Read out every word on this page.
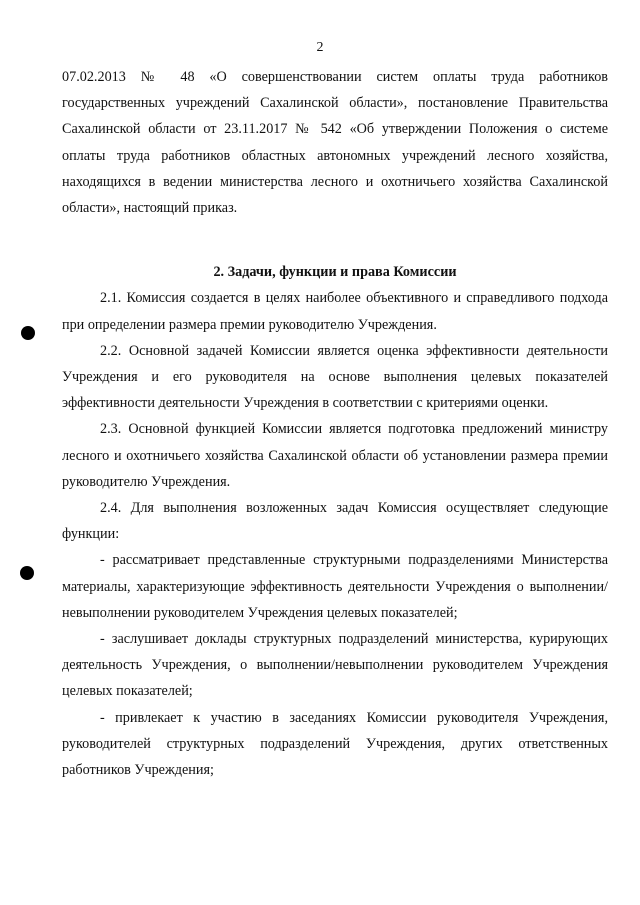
2

07.02.2013 № 48 «О совершенствовании систем оплаты труда работников государственных учреждений Сахалинской области», постановление Правительства Сахалинской области от 23.11.2017 № 542 «Об утверждении Положения о системе оплаты труда работников областных автономных учреждений лесного хозяйства, находящихся в ведении министерства лесного и охотничьего хозяйства Сахалинской области», настоящий приказ.

2. Задачи, функции и права Комиссии

2.1. Комиссия создается в целях наиболее объективного и справедливого подхода при определении размера премии руководителю Учреждения.

2.2. Основной задачей Комиссии является оценка эффективности деятельности Учреждения и его руководителя на основе выполнения целевых показателей эффективности деятельности Учреждения в соответствии с критериями оценки.

2.3. Основной функцией Комиссии является подготовка предложений министру лесного и охотничьего хозяйства Сахалинской области об установлении размера премии руководителю Учреждения.

2.4. Для выполнения возложенных задач Комиссия осуществляет следующие функции:

- рассматривает представленные структурными подразделениями Министерства материалы, характеризующие эффективность деятельности Учреждения о выполнении/невыполнении руководителем Учреждения целевых показателей;

- заслушивает доклады структурных подразделений министерства, курирующих деятельность Учреждения, о выполнении/невыполнении руководителем Учреждения целевых показателей;

- привлекает к участию в заседаниях Комиссии руководителя Учреждения, руководителей структурных подразделений Учреждения, других ответственных работников Учреждения;
